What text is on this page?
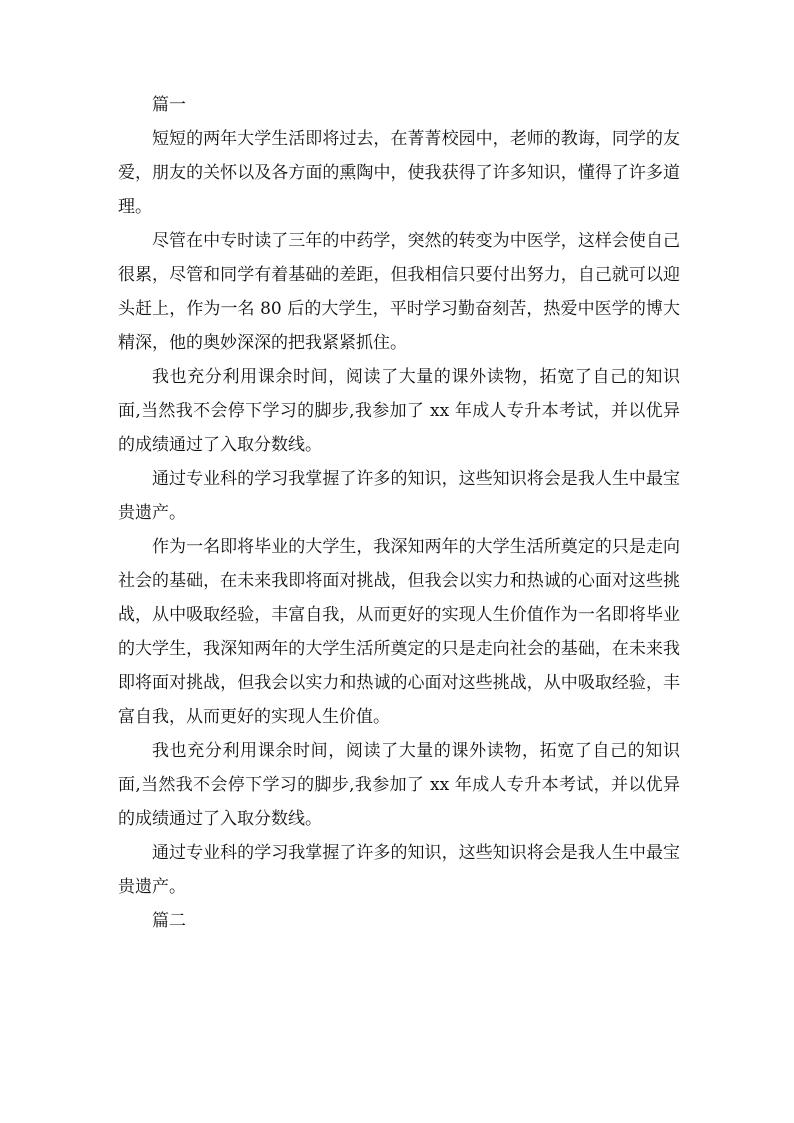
篇一

短短的两年大学生活即将过去，在菁菁校园中，老师的教诲，同学的友爱，朋友的关怀以及各方面的熏陶中，使我获得了许多知识，懂得了许多道理。

尽管在中专时读了三年的中药学，突然的转变为中医学，这样会使自己很累，尽管和同学有着基础的差距，但我相信只要付出努力，自己就可以迎头赶上，作为一名 80 后的大学生，平时学习勤奋刻苦，热爱中医学的博大精深，他的奥妙深深的把我紧紧抓住。

我也充分利用课余时间，阅读了大量的课外读物，拓宽了自己的知识面,当然我不会停下学习的脚步,我参加了 xx 年成人专升本考试，并以优异的成绩通过了入取分数线。

通过专业科的学习我掌握了许多的知识，这些知识将会是我人生中最宝贵遗产。

作为一名即将毕业的大学生，我深知两年的大学生活所奠定的只是走向社会的基础，在未来我即将面对挑战，但我会以实力和热诚的心面对这些挑战，从中吸取经验，丰富自我，从而更好的实现人生价值作为一名即将毕业的大学生，我深知两年的大学生活所奠定的只是走向社会的基础，在未来我即将面对挑战，但我会以实力和热诚的心面对这些挑战，从中吸取经验，丰富自我，从而更好的实现人生价值。

我也充分利用课余时间，阅读了大量的课外读物，拓宽了自己的知识面,当然我不会停下学习的脚步,我参加了 xx 年成人专升本考试，并以优异的成绩通过了入取分数线。

通过专业科的学习我掌握了许多的知识，这些知识将会是我人生中最宝贵遗产。

篇二
